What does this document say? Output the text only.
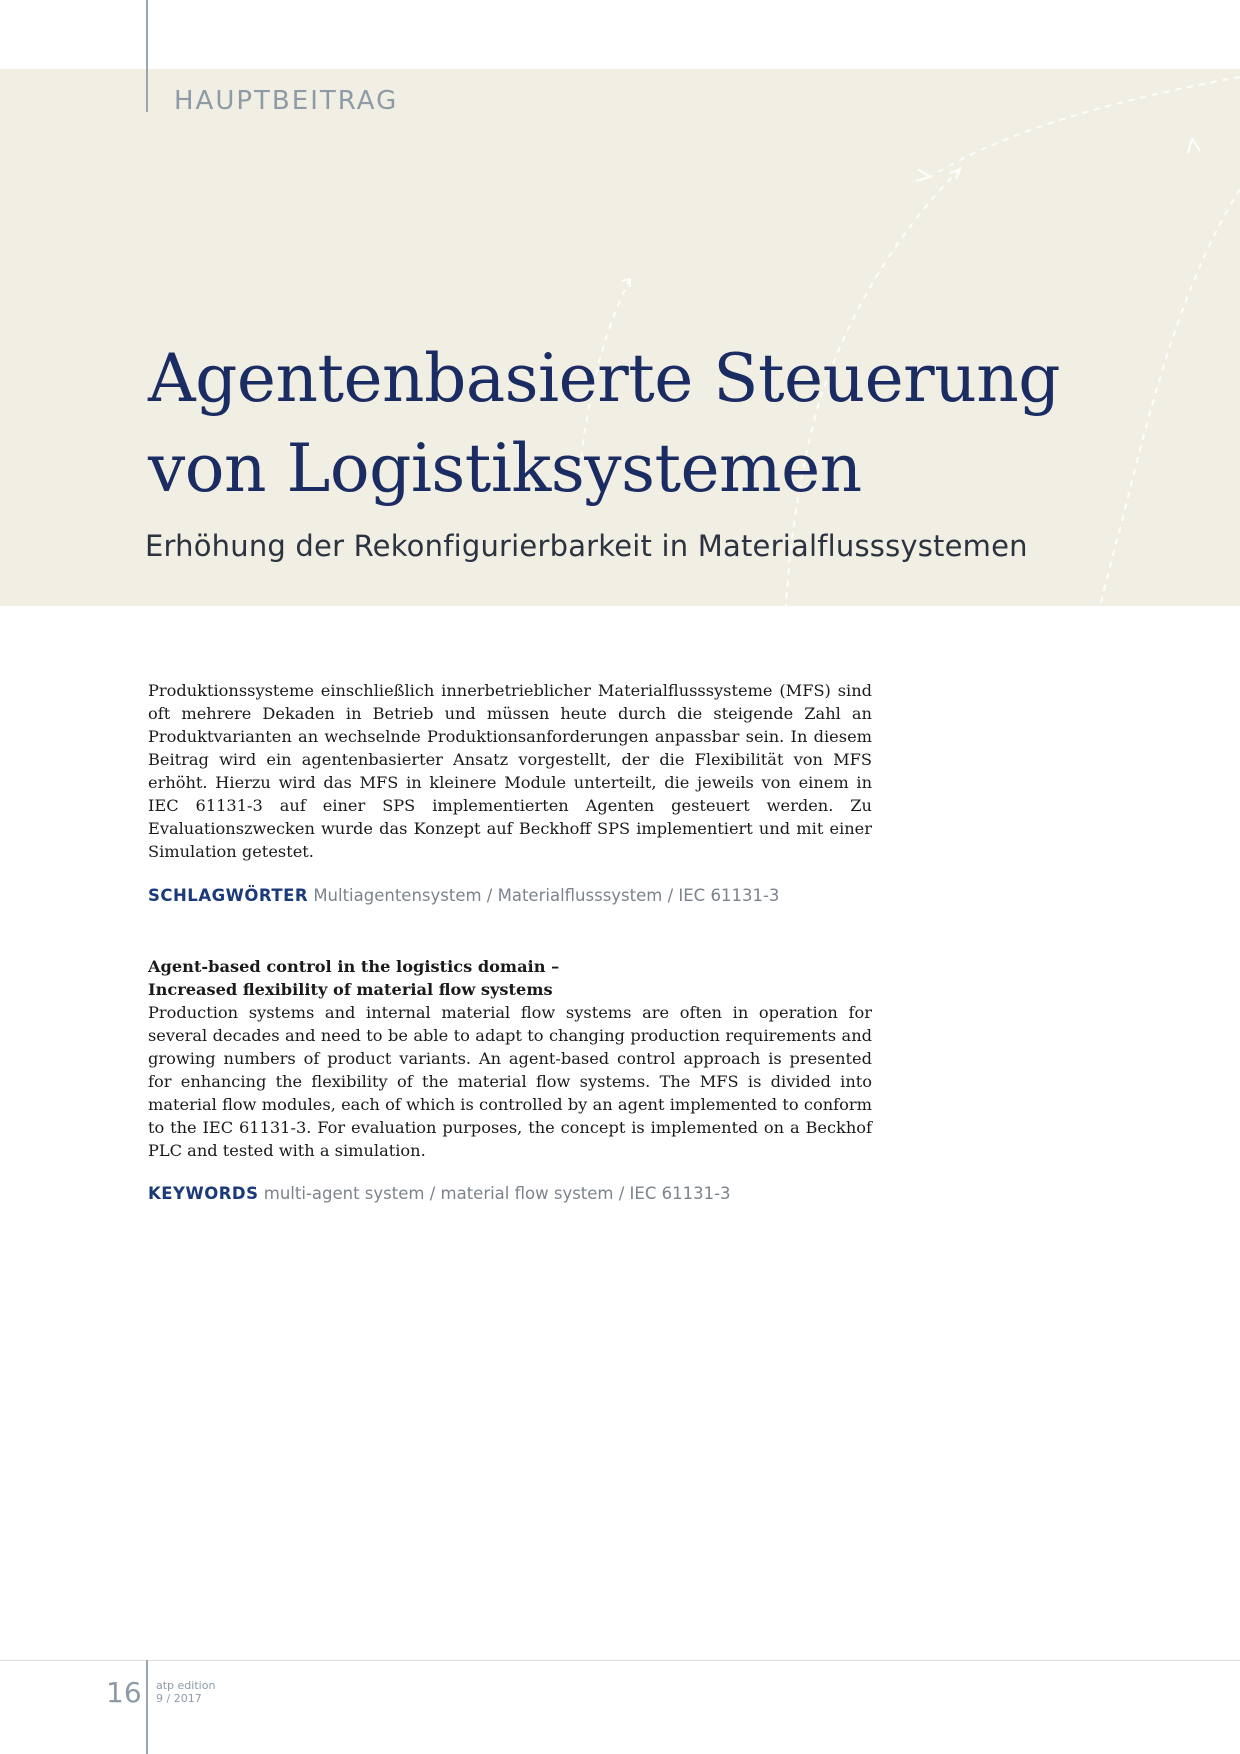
HAUPTBEITRAG
Agentenbasierte Steuerung
von Logistiksystemen
Erhöhung der Rekonfigurierbarkeit in Materialflusssystemen

Produktionssysteme einschließlich innerbetrieblicher Materialflusssysteme (MFS) sind oft mehrere Dekaden in Betrieb und müssen heute durch die steigende Zahl an Produktvarianten an wechselnde Produktionsanforderungen anpassbar sein. In diesem Beitrag wird ein agentenbasierter Ansatz vorgestellt, der die Flexibilität von MFS erhöht. Hierzu wird das MFS in kleinere Module unterteilt, die jeweils von einem in IEC 61131-3 auf einer SPS implementierten Agenten gesteuert werden. Zu Evaluationszwecken wurde das Konzept auf Beckhoff SPS implementiert und mit einer Simulation getestet.

SCHLAGWÖRTER Multiagentensystem / Materialflusssystem / IEC 61131-3
Agent-based control in the logistics domain –
Increased flexibility of material flow systems

Production systems and internal material flow systems are often in operation for several decades and need to be able to adapt to changing production requirements and growing numbers of product variants. An agent-based control approach is presented for enhancing the flexibility of the material flow systems. The MFS is divided into material flow modules, each of which is controlled by an agent implemented to conform to the IEC 61131-3. For evaluation purposes, the concept is implemented on a Beckhof PLC and tested with a simulation.

KEYWORDS multi-agent system / material flow system / IEC 61131-3
16 atp edition
9 / 2017
